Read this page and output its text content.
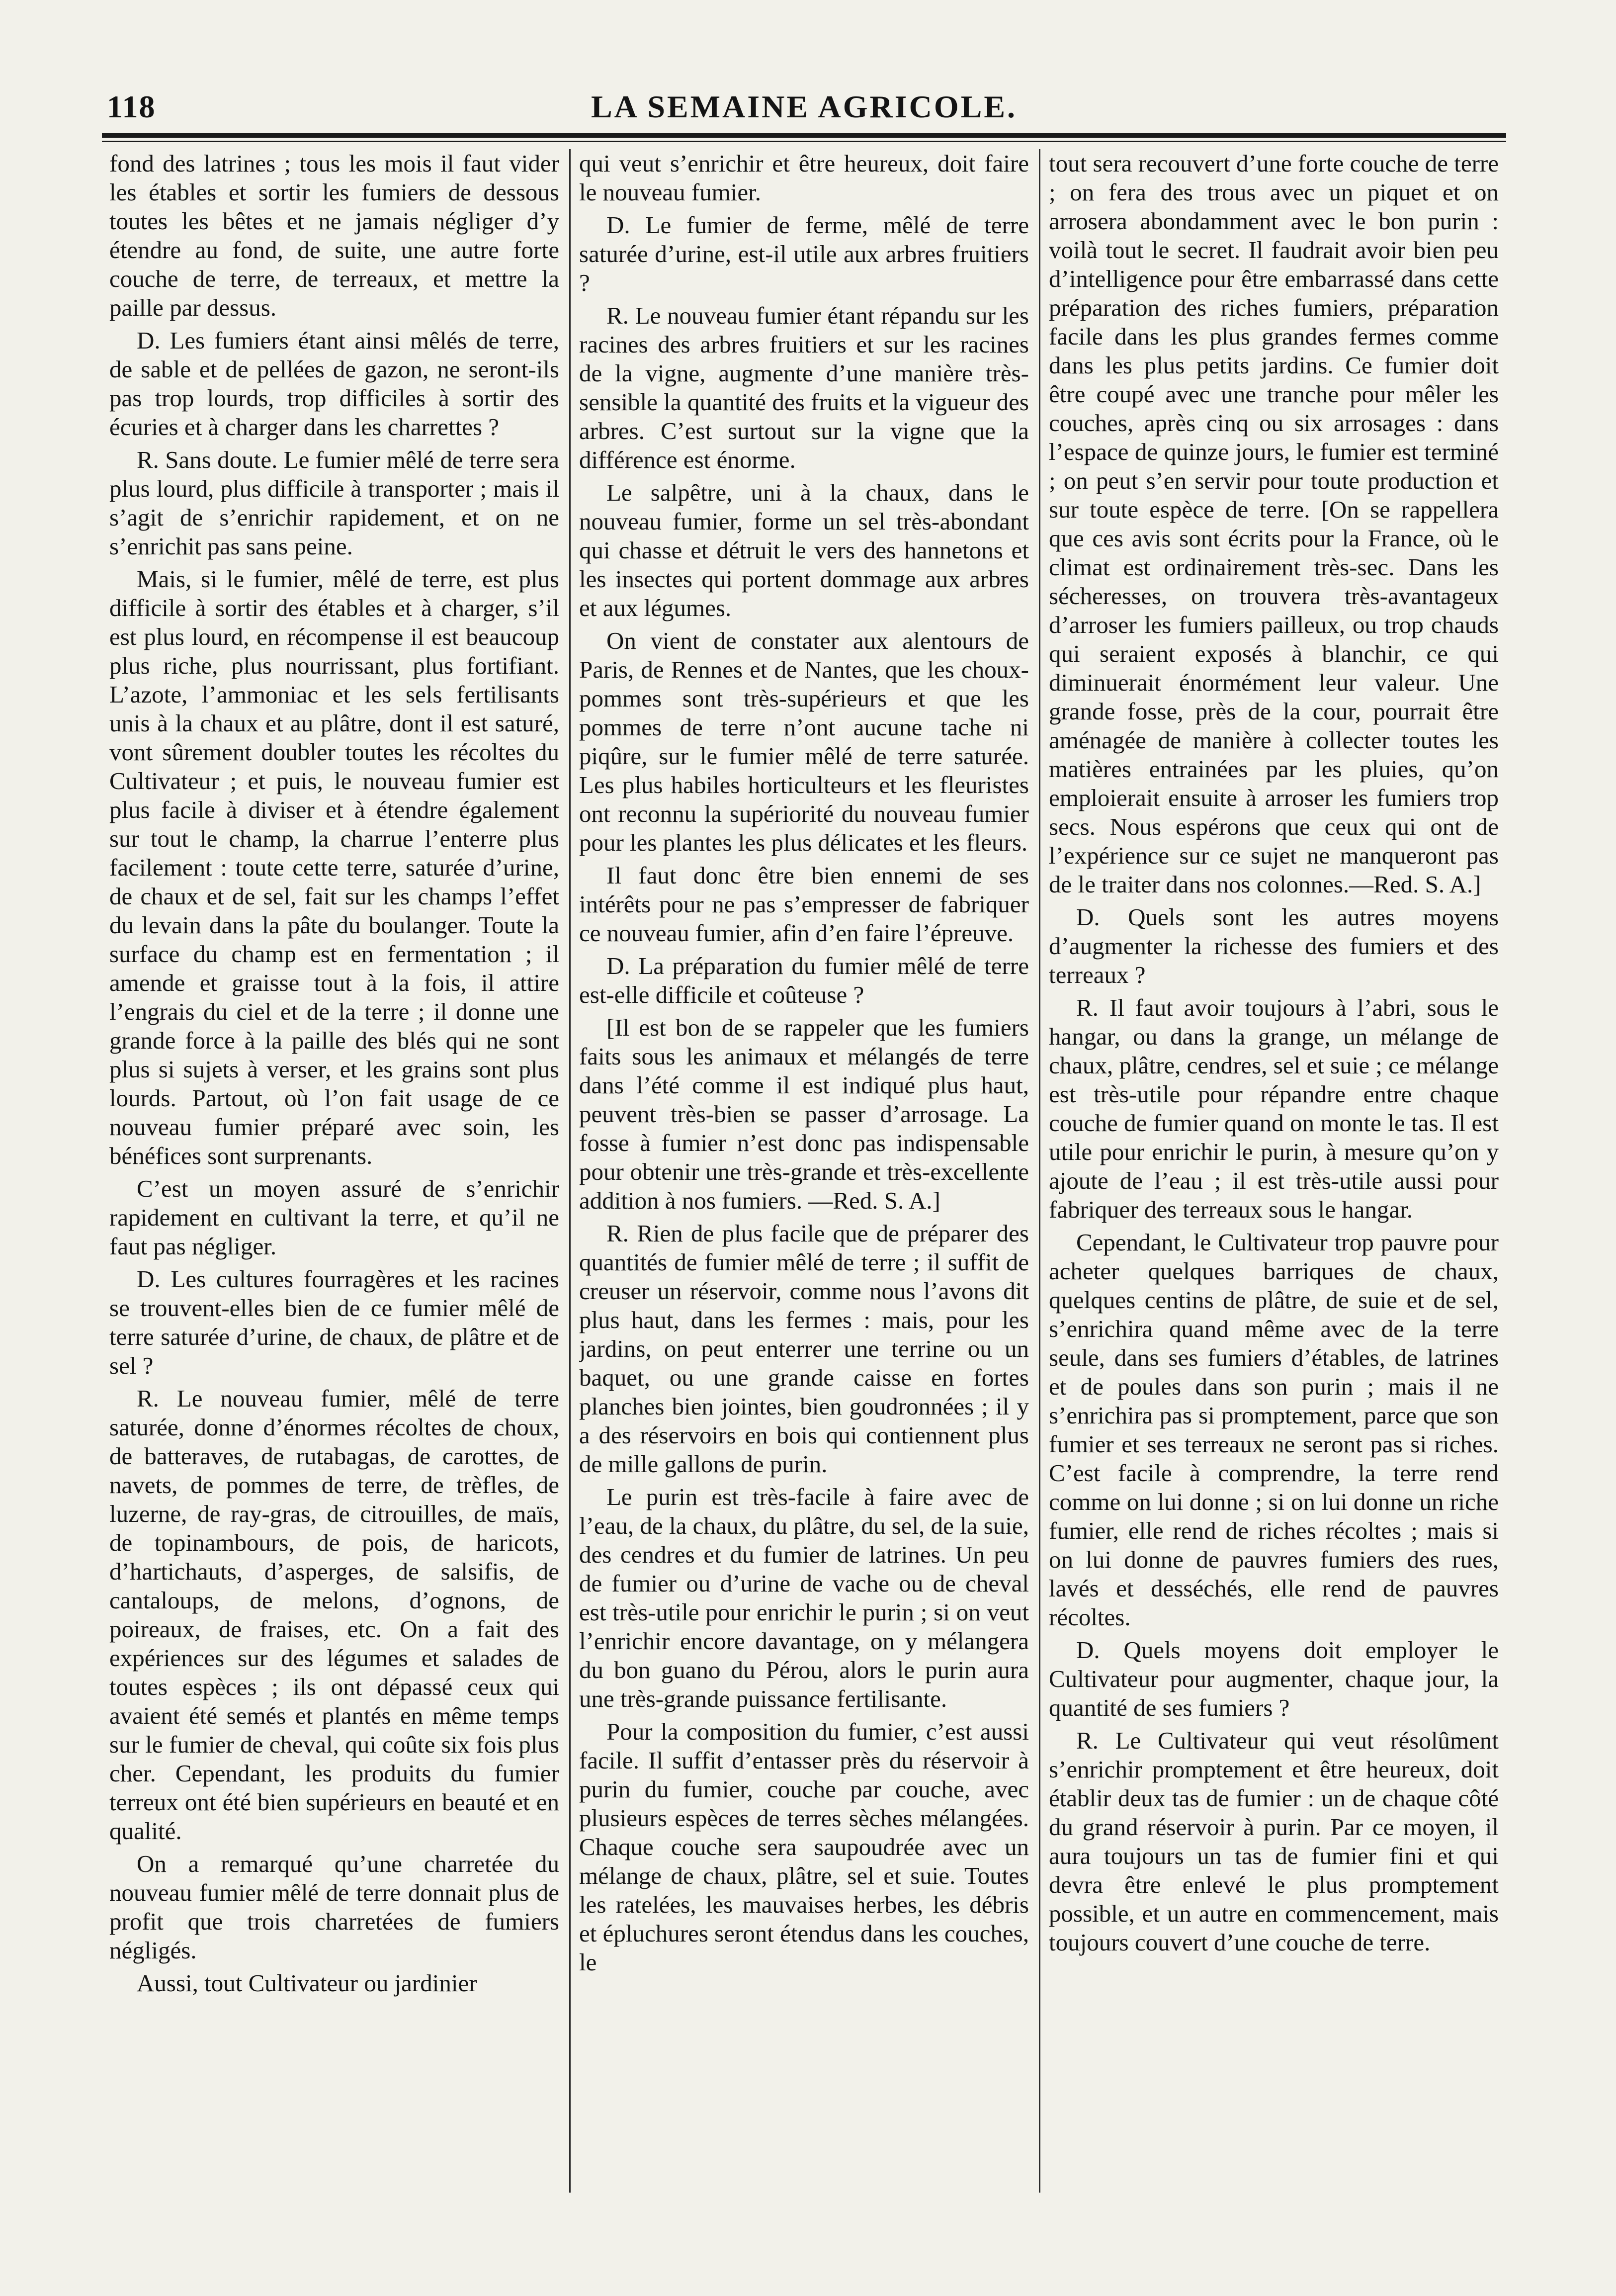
118	LA SEMAINE AGRICOLE.

fond des latrines ; tous les mois il faut vider les étables et sortir les fumiers de dessous toutes les bêtes et ne jamais négliger d’y étendre au fond, de suite, une autre forte couche de terre, de terreaux, et mettre la paille par dessus.

D. Les fumiers étant ainsi mêlés de terre, de sable et de pellées de gazon, ne seront-ils pas trop lourds, trop difficiles à sortir des écuries et à charger dans les charrettes ?

R. Sans doute. Le fumier mêlé de terre sera plus lourd, plus difficile à transporter ; mais il s’agit de s’enrichir rapidement, et on ne s’enrichit pas sans peine.

Mais, si le fumier, mêlé de terre, est plus difficile à sortir des étables et à charger, s’il est plus lourd, en récompense il est beaucoup plus riche, plus nourrissant, plus fortifiant. L’azote, l’ammoniac et les sels fertilisants unis à la chaux et au plâtre, dont il est saturé, vont sûrement doubler toutes les récoltes du Cultivateur ; et puis, le nouveau fumier est plus facile à diviser et à étendre également sur tout le champ, la charrue l’enterre plus facilement : toute cette terre, saturée d’urine, de chaux et de sel, fait sur les champs l’effet du levain dans la pâte du boulanger. Toute la surface du champ est en fermentation ; il amende et graisse tout à la fois, il attire l’engrais du ciel et de la terre ; il donne une grande force à la paille des blés qui ne sont plus si sujets à verser, et les grains sont plus lourds. Partout, où l’on fait usage de ce nouveau fumier préparé avec soin, les bénéfices sont surprenants.

C’est un moyen assuré de s’enrichir rapidement en cultivant la terre, et qu’il ne faut pas négliger.

D. Les cultures fourragères et les racines se trouvent-elles bien de ce fumier mêlé de terre saturée d’urine, de chaux, de plâtre et de sel ?

R. Le nouveau fumier, mêlé de terre saturée, donne d’énormes récoltes de choux, de batteraves, de rutabagas, de carottes, de navets, de pommes de terre, de trèfles, de luzerne, de ray-gras, de citrouilles, de maïs, de topinambours, de pois, de haricots, d’hartichauts, d’asperges, de salsifis, de cantaloups, de melons, d’ognons, de poireaux, de fraises, etc. On a fait des expériences sur des légumes et salades de toutes espèces ; ils ont dépassé ceux qui avaient été semés et plantés en même temps sur le fumier de cheval, qui coûte six fois plus cher. Cependant, les produits du fumier terreux ont été bien supérieurs en beauté et en qualité.

On a remarqué qu’une charretée du nouveau fumier mêlé de terre donnait plus de profit que trois charretées de fumiers négligés.

Aussi, tout Cultivateur ou jardinier

qui veut s’enrichir et être heureux, doit faire le nouveau fumier.

D. Le fumier de ferme, mêlé de terre saturée d’urine, est-il utile aux arbres fruitiers ?

R. Le nouveau fumier étant répandu sur les racines des arbres fruitiers et sur les racines de la vigne, augmente d’une manière très-sensible la quantité des fruits et la vigueur des arbres. C’est surtout sur la vigne que la différence est énorme.

Le salpêtre, uni à la chaux, dans le nouveau fumier, forme un sel très-abondant qui chasse et détruit le vers des hannetons et les insectes qui portent dommage aux arbres et aux légumes.

On vient de constater aux alentours de Paris, de Rennes et de Nantes, que les choux-pommes sont très-supérieurs et que les pommes de terre n’ont aucune tache ni piqûre, sur le fumier mêlé de terre saturée. Les plus habiles horticulteurs et les fleuristes ont reconnu la supériorité du nouveau fumier pour les plantes les plus délicates et les fleurs.

Il faut donc être bien ennemi de ses intérêts pour ne pas s’empresser de fabriquer ce nouveau fumier, afin d’en faire l’épreuve.

D. La préparation du fumier mêlé de terre est-elle difficile et coûteuse ?

[Il est bon de se rappeler que les fumiers faits sous les animaux et mélangés de terre dans l’été comme il est indiqué plus haut, peuvent très-bien se passer d’arrosage. La fosse à fumier n’est donc pas indispensable pour obtenir une très-grande et très-excellente addition à nos fumiers. —Red. S. A.]

R. Rien de plus facile que de préparer des quantités de fumier mêlé de terre ; il suffit de creuser un réservoir, comme nous l’avons dit plus haut, dans les fermes : mais, pour les jardins, on peut enterrer une terrine ou un baquet, ou une grande caisse en fortes planches bien jointes, bien goudronnées ; il y a des réservoirs en bois qui contiennent plus de mille gallons de purin.

Le purin est très-facile à faire avec de l’eau, de la chaux, du plâtre, du sel, de la suie, des cendres et du fumier de latrines. Un peu de fumier ou d’urine de vache ou de cheval est très-utile pour enrichir le purin ; si on veut l’enrichir encore davantage, on y mélangera du bon guano du Pérou, alors le purin aura une très-grande puissance fertilisante.

Pour la composition du fumier, c’est aussi facile. Il suffit d’entasser près du réservoir à purin du fumier, couche par couche, avec plusieurs espèces de terres sèches mélangées. Chaque couche sera saupoudrée avec un mélange de chaux, plâtre, sel et suie. Toutes les ratelées, les mauvaises herbes, les débris et épluchures seront étendus dans les couches, le

tout sera recouvert d’une forte couche de terre ; on fera des trous avec un piquet et on arrosera abondamment avec le bon purin : voilà tout le secret. Il faudrait avoir bien peu d’intelligence pour être embarrassé dans cette préparation des riches fumiers, préparation facile dans les plus grandes fermes comme dans les plus petits jardins. Ce fumier doit être coupé avec une tranche pour mêler les couches, après cinq ou six arrosages : dans l’espace de quinze jours, le fumier est terminé ; on peut s’en servir pour toute production et sur toute espèce de terre. [On se rappellera que ces avis sont écrits pour la France, où le climat est ordinairement très-sec. Dans les sécheresses, on trouvera très-avantageux d’arroser les fumiers pailleux, ou trop chauds qui seraient exposés à blanchir, ce qui diminuerait énormément leur valeur. Une grande fosse, près de la cour, pourrait être aménagée de manière à collecter toutes les matières entrainées par les pluies, qu’on emploierait ensuite à arroser les fumiers trop secs. Nous espérons que ceux qui ont de l’expérience sur ce sujet ne manqueront pas de le traiter dans nos colonnes.—Red. S. A.]

D. Quels sont les autres moyens d’augmenter la richesse des fumiers et des terreaux ?

R. Il faut avoir toujours à l’abri, sous le hangar, ou dans la grange, un mélange de chaux, plâtre, cendres, sel et suie ; ce mélange est très-utile pour répandre entre chaque couche de fumier quand on monte le tas. Il est utile pour enrichir le purin, à mesure qu’on y ajoute de l’eau ; il est très-utile aussi pour fabriquer des terreaux sous le hangar.

Cependant, le Cultivateur trop pauvre pour acheter quelques barriques de chaux, quelques centins de plâtre, de suie et de sel, s’enrichira quand même avec de la terre seule, dans ses fumiers d’étables, de latrines et de poules dans son purin ; mais il ne s’enrichira pas si promptement, parce que son fumier et ses terreaux ne seront pas si riches. C’est facile à comprendre, la terre rend comme on lui donne ; si on lui donne un riche fumier, elle rend de riches récoltes ; mais si on lui donne de pauvres fumiers des rues, lavés et desséchés, elle rend de pauvres récoltes.

D. Quels moyens doit employer le Cultivateur pour augmenter, chaque jour, la quantité de ses fumiers ?

R. Le Cultivateur qui veut résolûment s’enrichir promptement et être heureux, doit établir deux tas de fumier : un de chaque côté du grand réservoir à purin. Par ce moyen, il aura toujours un tas de fumier fini et qui devra être enlevé le plus promptement possible, et un autre en commencement, mais toujours couvert d’une couche de terre.
